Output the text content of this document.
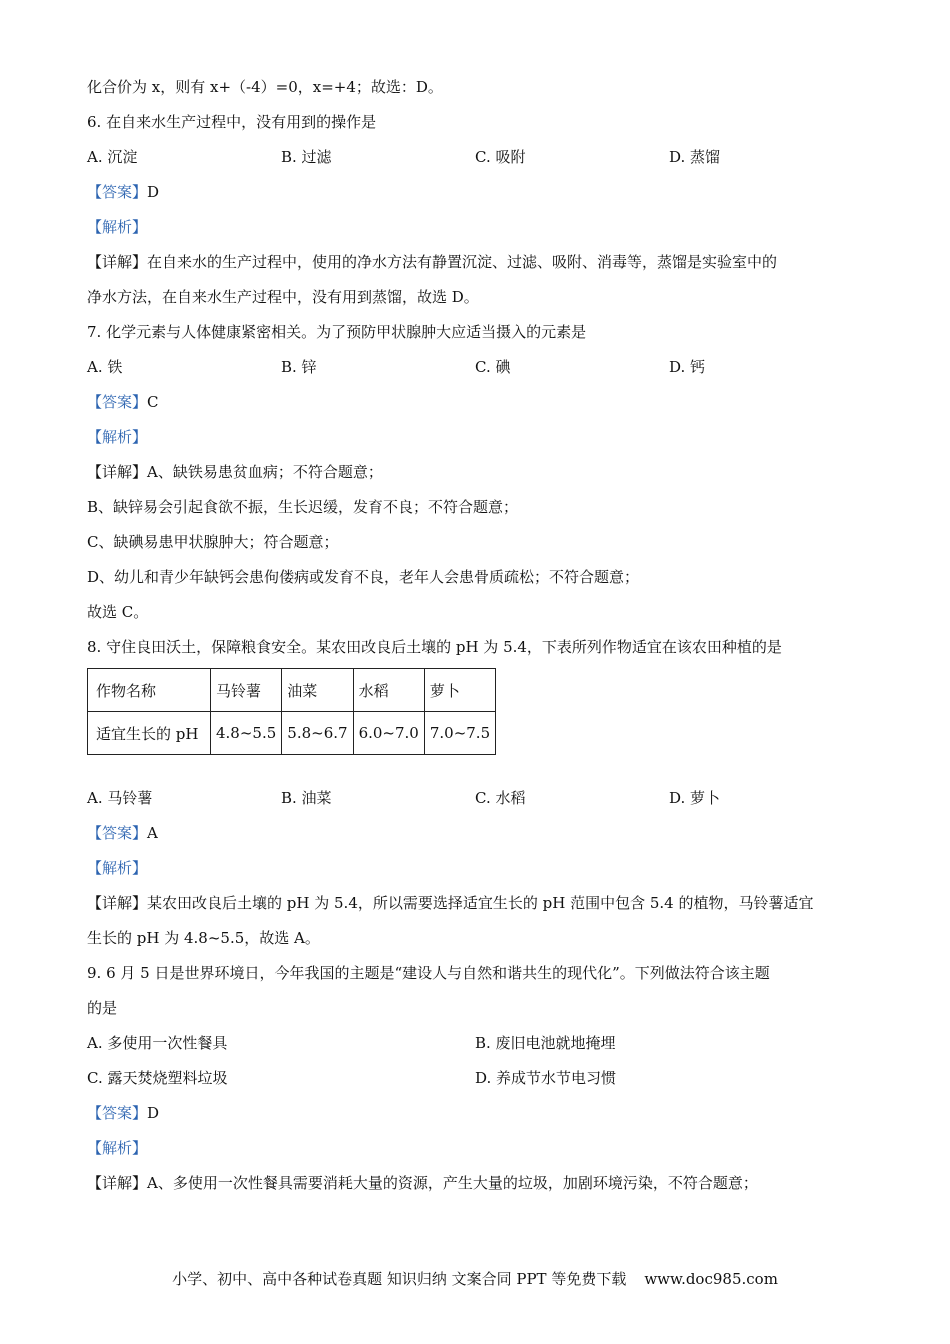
化合价为 x，则有 x+（-4）=0，x=+4；故选：D。
6. 在自来水生产过程中，没有用到的操作是
A. 沉淀	B. 过滤	C. 吸附	D. 蒸馏
【答案】D
【解析】
【详解】在自来水的生产过程中，使用的净水方法有静置沉淀、过滤、吸附、消毒等，蒸馏是实验室中的
净水方法，在自来水生产过程中，没有用到蒸馏，故选 D。
7. 化学元素与人体健康紧密相关。为了预防甲状腺肿大应适当摄入的元素是
A. 铁	B. 锌	C. 碘	D. 钙
【答案】C
【解析】
【详解】A、缺铁易患贫血病；不符合题意；
B、缺锌易会引起食欲不振，生长迟缓，发育不良；不符合题意；
C、缺碘易患甲状腺肿大；符合题意；
D、幼儿和青少年缺钙会患佝偻病或发育不良，老年人会患骨质疏松；不符合题意；
故选 C。
8. 守住良田沃土，保障粮食安全。某农田改良后土壤的 pH 为 5.4，下表所列作物适宜在该农田种植的是
作物名称	马铃薯	油菜	水稻	萝卜
适宜生长的 pH	4.8~5.5	5.8~6.7	6.0~7.0	7.0~7.5
A. 马铃薯	B. 油菜	C. 水稻	D. 萝卜
【答案】A
【解析】
【详解】某农田改良后土壤的 pH 为 5.4，所以需要选择适宜生长的 pH 范围中包含 5.4 的植物，马铃薯适宜
生长的 pH 为 4.8~5.5，故选 A。
9. 6 月 5 日是世界环境日，今年我国的主题是“建设人与自然和谐共生的现代化”。下列做法符合该主题
的是
A. 多使用一次性餐具	B. 废旧电池就地掩埋
C. 露天焚烧塑料垃圾	D. 养成节水节电习惯
【答案】D
【解析】
【详解】A、多使用一次性餐具需要消耗大量的资源，产生大量的垃圾，加剧环境污染，不符合题意；
小学、初中、高中各种试卷真题 知识归纳 文案合同 PPT 等免费下载 www.doc985.com
